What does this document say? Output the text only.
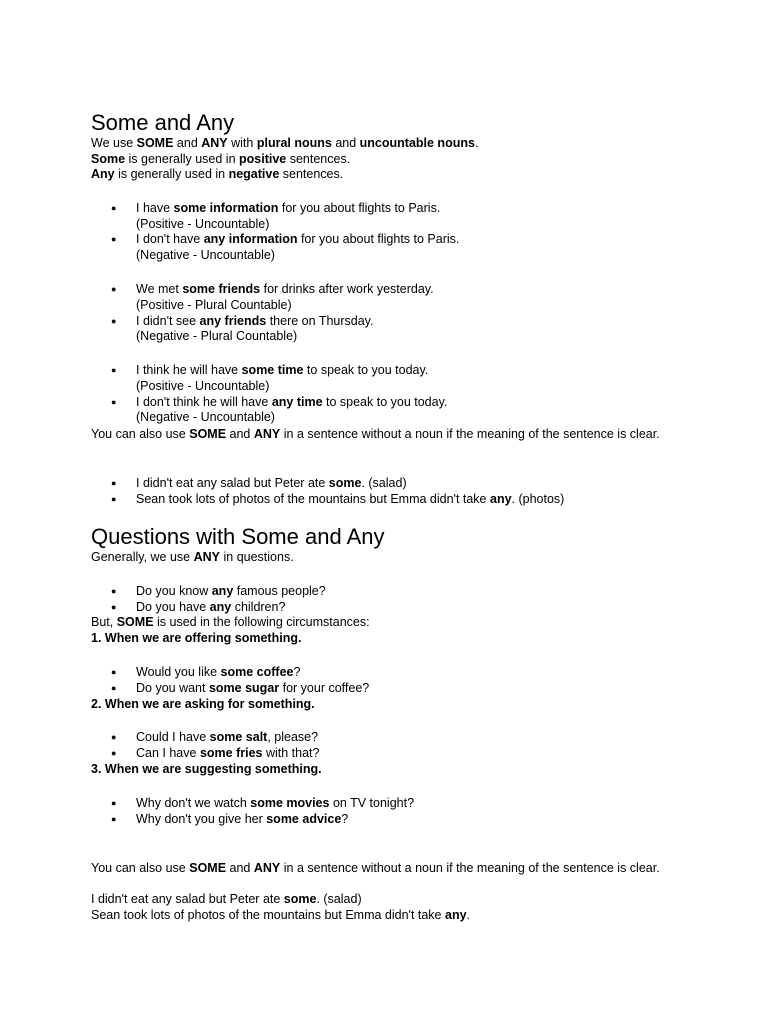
Some and Any
We use SOME and ANY with plural nouns and uncountable nouns.
Some is generally used in positive sentences.
Any is generally used in negative sentences.
● I have some information for you about flights to Paris.
(Positive - Uncountable)
● I don't have any information for you about flights to Paris.
(Negative - Uncountable)
● We met some friends for drinks after work yesterday.
(Positive - Plural Countable)
● I didn't see any friends there on Thursday.
(Negative - Plural Countable)
● I think he will have some time to speak to you today.
(Positive - Uncountable)
● I don't think he will have any time to speak to you today.
(Negative - Uncountable)
You can also use SOME and ANY in a sentence without a noun if the meaning of the sentence is clear.
● I didn't eat any salad but Peter ate some. (salad)
● Sean took lots of photos of the mountains but Emma didn't take any. (photos)
Questions with Some and Any
Generally, we use ANY in questions.
● Do you know any famous people?
● Do you have any children?
But, SOME is used in the following circumstances:
1. When we are offering something.
● Would you like some coffee?
● Do you want some sugar for your coffee?
2. When we are asking for something.
● Could I have some salt, please?
● Can I have some fries with that?
3. When we are suggesting something.
● Why don't we watch some movies on TV tonight?
● Why don't you give her some advice?
You can also use SOME and ANY in a sentence without a noun if the meaning of the sentence is clear.
I didn't eat any salad but Peter ate some. (salad)
Sean took lots of photos of the mountains but Emma didn't take any.
